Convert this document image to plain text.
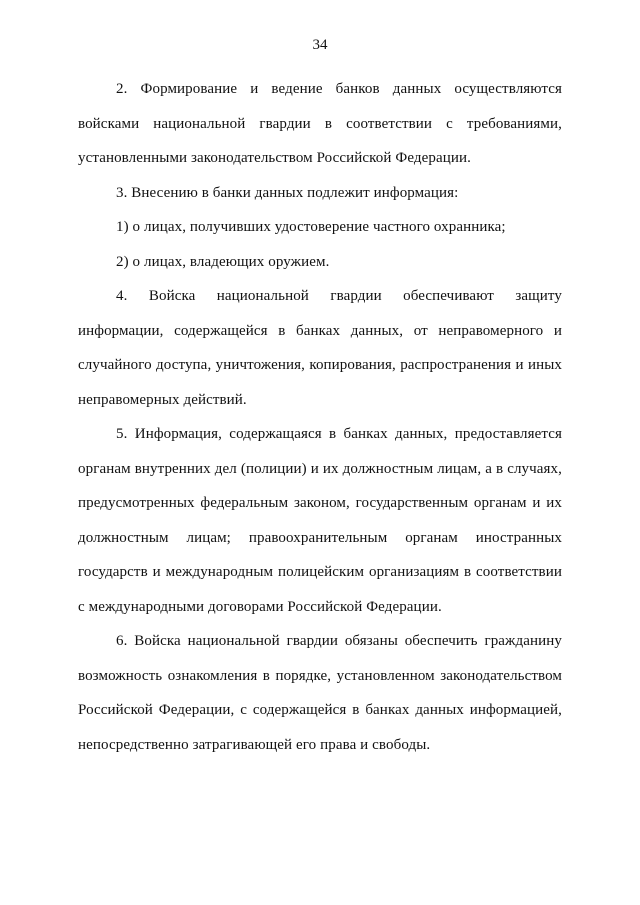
34

2. Формирование и ведение банков данных осуществляются войсками национальной гвардии в соответствии с требованиями, установленными законодательством Российской Федерации.

3. Внесению в банки данных подлежит информация:

1) о лицах, получивших удостоверение частного охранника;

2) о лицах, владеющих оружием.

4. Войска национальной гвардии обеспечивают защиту информации, содержащейся в банках данных, от неправомерного и случайного доступа, уничтожения, копирования, распространения и иных неправомерных действий.

5. Информация, содержащаяся в банках данных, предоставляется органам внутренних дел (полиции) и их должностным лицам, а в случаях, предусмотренных федеральным законом, государственным органам и их должностным лицам; правоохранительным органам иностранных государств и международным полицейским организациям в соответствии с международными договорами Российской Федерации.

6. Войска национальной гвардии обязаны обеспечить гражданину возможность ознакомления в порядке, установленном законодательством Российской Федерации, с содержащейся в банках данных информацией, непосредственно затрагивающей его права и свободы.
